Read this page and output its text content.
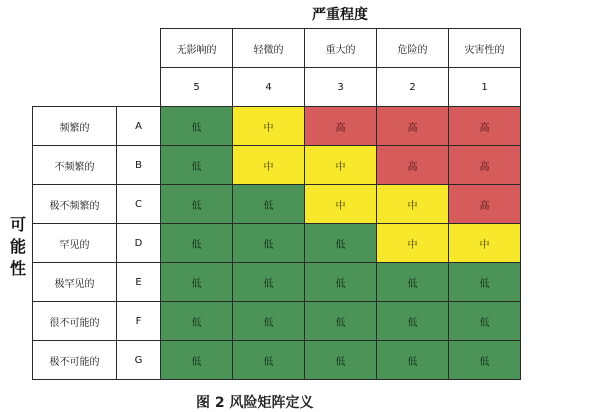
严重程度
可
能
性
		无影响的	轻微的	重大的	危险的	灾害性的
		5	4	3	2	1
频繁的	A	低	中	高	高	高
不频繁的	B	低	中	中	高	高
极不频繁的	C	低	低	中	中	高
罕见的	D	低	低	低	中	中
极罕见的	E	低	低	低	低	低
很不可能的	F	低	低	低	低	低
极不可能的	G	低	低	低	低	低
图 2 风险矩阵定义
